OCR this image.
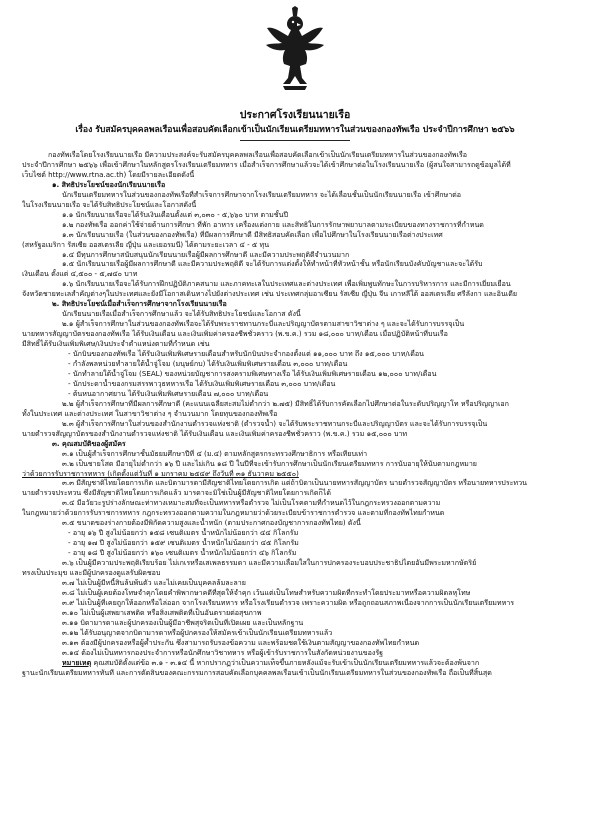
ประกาศโรงเรียนนายเรือ
เรื่อง รับสมัครบุคคลพลเรือนเพื่อสอบคัดเลือกเข้าเป็นนักเรียนเตรียมทหารในส่วนของกองทัพเรือ ประจำปีการศึกษา ๒๕๖๖

กองทัพเรือโดยโรงเรียนนายเรือ มีความประสงค์จะรับสมัครบุคคลพลเรือนเพื่อสอบคัดเลือกเข้าเป็นนักเรียนเตรียมทหารในส่วนของกองทัพเรือ

ประจำปีการศึกษา ๒๕๖๖ เพื่อเข้าศึกษาในหลักสูตรโรงเรียนเตรียมทหาร เมื่อสำเร็จการศึกษาแล้วจะได้เข้าศึกษาต่อในโรงเรียนนายเรือ (ผู้สนใจสามารถดูข้อมูลได้ที่

เว็บไซต์ http://www.rtna.ac.th) โดยมีรายละเอียดดังนี้

๑. สิทธิประโยชน์ของนักเรียนนายเรือ

นักเรียนเตรียมทหารในส่วนของกองทัพเรือที่สำเร็จการศึกษาจากโรงเรียนเตรียมทหาร จะได้เลื่อนชั้นเป็นนักเรียนนายเรือ เข้าศึกษาต่อ

ในโรงเรียนนายเรือ จะได้รับสิทธิประโยชน์และโอกาสดังนี้

๑.๑ นักเรียนนายเรือจะได้รับเงินเดือนตั้งแต่ ๓,๐๓๐ - ๕,๖๖๐ บาท ตามชั้นปี

๑.๒ กองทัพเรือ ออกค่าใช้จ่ายด้านการศึกษา ที่พัก อาหาร เครื่องแต่งกาย และสิทธิในการรักษาพยาบาลตามระเบียบของทางราชการที่กำหนด

๑.๓ นักเรียนนายเรือ (ในส่วนของกองทัพเรือ) ที่มีผลการศึกษาดี มีสิทธิสอบคัดเลือก เพื่อไปศึกษาในโรงเรียนนายเรือต่างประเทศ

(สหรัฐอเมริกา รัสเซีย ออสเตรเลีย ญี่ปุ่น และเยอรมนี) ได้ตามระยะเวลา ๔ - ๕ ทุน

๑.๔ มีทุนการศึกษาสนับสนุนนักเรียนนายเรือผู้มีผลการศึกษาดี และมีความประพฤติดีจำนวนมาก

๑.๕ นักเรียนนายเรือผู้มีผลการศึกษาดี และมีความประพฤติดี จะได้รับการแต่งตั้งให้ทำหน้าที่หัวหน้าชั้น หรือนักเรียนบังคับบัญชาและจะได้รับ

เงินเดือน ตั้งแต่ ๔,๕๐๐ - ๕,๗๔๐ บาท

๑.๖ นักเรียนนายเรือจะได้รับการฝึกปฏิบัติภาคสนาม และภาคทะเลในประเทศและต่างประเทศ เพื่อเพิ่มพูนทักษะในการบริหารการ และมีการเยี่ยมเยือน

จังหวัดชายทะเลสำคัญต่างๆในประเทศและยังมีโอกาสเดินทางไปยังต่างประเทศ เช่น ประเทศกลุ่มอาเซียน รัสเซีย ญี่ปุ่น จีน เกาหลีใต้ ออสเตรเลีย ศรีลังกา และอินเดีย

๒. สิทธิประโยชน์เมื่อสำเร็จการศึกษาจากโรงเรียนนายเรือ

นักเรียนนายเรือเมื่อสำเร็จการศึกษาแล้ว จะได้รับสิทธิประโยชน์และโอกาส ดังนี้

๒.๑ ผู้สำเร็จการศึกษาในส่วนของกองทัพเรือจะได้รับพระราชทานกระบี่และปริญญาบัตรตามสาขาวิชาต่าง ๆ และจะได้รับการบรรจุเป็น

นายทหารสัญญาบัตรของกองทัพเรือ ได้รับเงินเดือน และเงินเพิ่มค่าครองชีพชั่วคราว (พ.ข.ค.) รวม ๑๘,๐๐๐ บาท/เดือน เมื่อปฏิบัติหน้าที่บนเรือ

มีสิทธิ์ได้รับเงินเพิ่มพิเศษ/เงินประจำตำแหน่งตามที่กำหนด เช่น

- นักบินของกองทัพเรือ ได้รับเงินเพิ่มพิเศษรายเดือนสำหรับนักบินประจำกองตั้งแต่ ๑๑,๐๐๐ บาท ถึง ๑๕,๐๐๐ บาท/เดือน

- กำลังพลหน่วยทำลายใต้น้ำจู่โจม (มนุษย์กบ) ได้รับเงินเพิ่มพิเศษรายเดือน ๓,๐๐๐ บาท/เดือน

- นักทำลายใต้น้ำจู่โจม (SEAL) ของหน่วยบัญชาการสงครามพิเศษทางเรือ ได้รับเงินเพิ่มพิเศษรายเดือน ๑๒,๐๐๐ บาท/เดือน

- นักประดาน้ำของกรมสรรพาวุธทหารเรือ ได้รับเงินเพิ่มพิเศษรายเดือน ๓,๐๐๐ บาท/เดือน

- ต้นหนอากาศยาน ได้รับเงินเพิ่มพิเศษรายเดือน ๗,๐๐๐ บาท/เดือน

๒.๒ ผู้สำเร็จการศึกษาที่มีผลการศึกษาดี (คะแนนเฉลี่ยสะสมไม่ต่ำกว่า ๒.๗๕) มีสิทธิ์ได้รับการคัดเลือกไปศึกษาต่อในระดับปริญญาโท หรือปริญญาเอก

ทั้งในประเทศ และต่างประเทศ ในสาขาวิชาต่าง ๆ จำนวนมาก โดยทุนของกองทัพเรือ

๒.๓ ผู้สำเร็จการศึกษาในส่วนของสำนักงานตำรวจแห่งชาติ (ตำรวจน้ำ) จะได้รับพระราชทานกระบี่และปริญญาบัตร และจะได้รับการบรรจุเป็น

นายตำรวจสัญญาบัตรของสำนักงานตำรวจแห่งชาติ ได้รับเงินเดือน และเงินเพิ่มค่าครองชีพชั่วคราว (พ.ข.ค.) รวม ๑๕,๐๐๐ บาท

๓. คุณสมบัติของผู้สมัคร

๓.๑ เป็นผู้สำเร็จการศึกษาชั้นมัธยมศึกษาปีที่ ๔ (ม.๔) ตามหลักสูตรกระทรวงศึกษาธิการ หรือเทียบเท่า

๓.๒ เป็นชายโสด มีอายุไม่ต่ำกว่า ๑๖ ปี และไม่เกิน ๑๘ ปี ในปีที่จะเข้ารับการศึกษาเป็นนักเรียนเตรียมทหาร การนับอายุให้นับตามกฎหมาย

ว่าด้วยการรับราชการทหาร (เกิดตั้งแต่วันที่ ๑ มกราคม ๒๕๔๙ ถึงวันที่ ๓๑ ธันวาคม ๒๕๕๐)

๓.๓ มีสัญชาติไทยโดยการเกิด และบิดามารดามีสัญชาติไทยโดยการเกิด แต่ถ้าบิดาเป็นนายทหารสัญญาบัตร นายตำรวจสัญญาบัตร หรือนายทหารประทวน

นายตำรวจประทวน ซึ่งมีสัญชาติไทยโดยการเกิดแล้ว มารดาจะมิใช่เป็นผู้มีสัญชาติไทยโดยการเกิดก็ได้

๓.๔ มีอวัยวะรูปร่างลักษณะท่าทางเหมาะสมที่จะเป็นทหารหรือตำรวจ ไม่เป็นโรคตามที่กำหนดไว้ในกฎกระทรวงออกตามความ

ในกฎหมายว่าด้วยการรับราชการทหาร กฎกระทรวงออกตามความในกฎหมายว่าด้วยระเบียบข้าราชการตำรวจ และตามที่กองทัพไทยกำหนด

๓.๕ ขนาดของร่างกายต้องมีพิกัดความสูงและน้ำหนัก (ตามประกาศกองบัญชาการกองทัพไทย) ดังนี้

- อายุ ๑๖ ปี สูงไม่น้อยกว่า ๑๕๘ เซนติเมตร น้ำหนักไม่น้อยกว่า ๔๔ กิโลกรัม

- อายุ ๑๗ ปี สูงไม่น้อยกว่า ๑๕๙ เซนติเมตร น้ำหนักไม่น้อยกว่า ๔๕ กิโลกรัม

- อายุ ๑๘ ปี สูงไม่น้อยกว่า ๑๖๐ เซนติเมตร น้ำหนักไม่น้อยกว่า ๔๖ กิโลกรัม

๓.๖ เป็นผู้มีความประพฤติเรียบร้อย ไม่เกเรหรือเสเพลธรรมดา และมีความเลื่อมใสในการปกครองระบอบประชาธิปไตยอันมีพระมหากษัตริย์

ทรงเป็นประมุข และมีผู้ปกครองดูแลรับผิดชอบ

๓.๗ ไม่เป็นผู้มีหนี้สินล้นพ้นตัว และไม่เคยเป็นบุคคลล้มละลาย

๓.๘ ไม่เป็นผู้เคยต้องโทษจำคุกโดยคำพิพากษาคดีที่สุดให้จำคุก เว้นแต่เป็นโทษสำหรับความผิดที่กระทำโดยประมาทหรือความผิดลหุโทษ

๓.๙ ไม่เป็นผู้ที่เคยถูกให้ออกหรือไล่ออก จากโรงเรียนทหาร หรือโรงเรียนตำรวจ เพราะความผิด หรือถูกถอนสภาพเนื่องจากการเป็นนักเรียนเตรียมทหาร

๓.๑๐ ไม่เป็นผู้เสพยาเสพติด หรือสิ่งเสพติดที่เป็นอันตรายต่อสุขภาพ

๓.๑๑ บิดามารดาและผู้ปกครองเป็นผู้มีอาชีพสุจริตเป็นที่เปิดเผย และเป็นหลักฐาน

๓.๑๒ ได้รับอนุญาตจากบิดามารดาหรือผู้ปกครองให้สมัครเข้าเป็นนักเรียนเตรียมทหารแล้ว

๓.๑๓ ต้องมีผู้ปกครองหรือผู้ค้ำประกัน ซึ่งสามารถรับรองข้อความ และพร้อมชดใช้เงินตามสัญญาของกองทัพไทยกำหนด

๓.๑๔ ต้องไม่เป็นทหารกองประจำการหรือนักศึกษาวิชาทหาร หรือผู้เข้ารับราชการในสังกัดหน่วยงานของรัฐ

หมายเหตุ คุณสมบัติตั้งแต่ข้อ ๓.๑ - ๓.๑๔ นี้ หากปรากฏว่าเป็นความเท็จขึ้นภายหลังแม้จะรับเข้าเป็นนักเรียนเตรียมทหารแล้วจะต้องพ้นจาก

ฐานะนักเรียนเตรียมทหารทันที และการตัดสินของคณะกรรมการสอบคัดเลือกบุคคลพลเรือนเข้าเป็นนักเรียนเตรียมทหารในส่วนของกองทัพเรือ ถือเป็นที่สิ้นสุด
